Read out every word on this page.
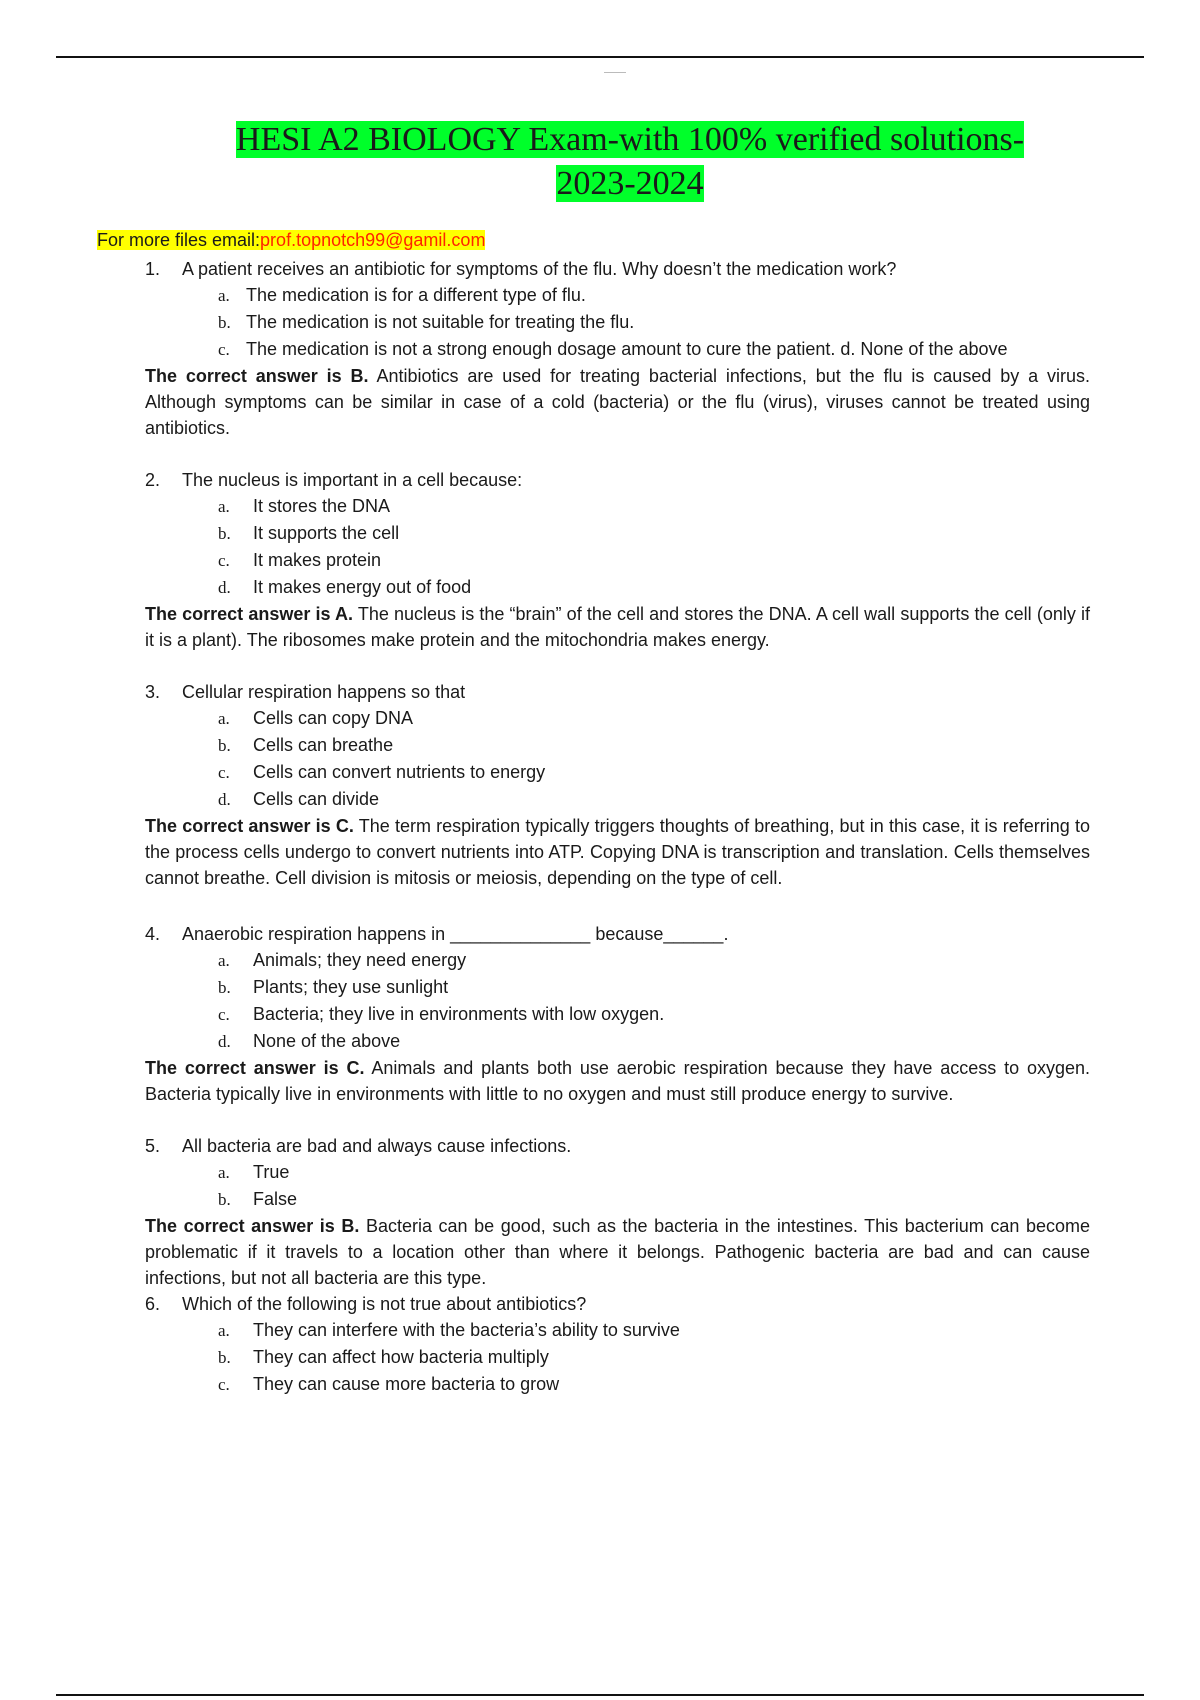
HESI A2 BIOLOGY Exam-with 100% verified solutions- 2023-2024
For more files email:prof.topnotch99@gamil.com
1. A patient receives an antibiotic for symptoms of the flu. Why doesn’t the medication work?
a. The medication is for a different type of flu.
b. The medication is not suitable for treating the flu.
c. The medication is not a strong enough dosage amount to cure the patient. d. None of the above
The correct answer is B. Antibiotics are used for treating bacterial infections, but the flu is caused by a virus. Although symptoms can be similar in case of a cold (bacteria) or the flu (virus), viruses cannot be treated using antibiotics.
2. The nucleus is important in a cell because:
a. It stores the DNA
b. It supports the cell
c. It makes protein
d. It makes energy out of food
The correct answer is A. The nucleus is the “brain” of the cell and stores the DNA. A cell wall supports the cell (only if it is a plant). The ribosomes make protein and the mitochondria makes energy.
3. Cellular respiration happens so that
a. Cells can copy DNA
b. Cells can breathe
c. Cells can convert nutrients to energy
d. Cells can divide
The correct answer is C. The term respiration typically triggers thoughts of breathing, but in this case, it is referring to the process cells undergo to convert nutrients into ATP. Copying DNA is transcription and translation. Cells themselves cannot breathe. Cell division is mitosis or meiosis, depending on the type of cell.
4. Anaerobic respiration happens in ______________ because______.
a. Animals; they need energy
b. Plants; they use sunlight
c. Bacteria; they live in environments with low oxygen.
d. None of the above
The correct answer is C. Animals and plants both use aerobic respiration because they have access to oxygen. Bacteria typically live in environments with little to no oxygen and must still produce energy to survive.
5. All bacteria are bad and always cause infections.
a. True
b. False
The correct answer is B. Bacteria can be good, such as the bacteria in the intestines. This bacterium can become problematic if it travels to a location other than where it belongs. Pathogenic bacteria are bad and can cause infections, but not all bacteria are this type.
6. Which of the following is not true about antibiotics?
a. They can interfere with the bacteria’s ability to survive
b. They can affect how bacteria multiply
c. They can cause more bacteria to grow
